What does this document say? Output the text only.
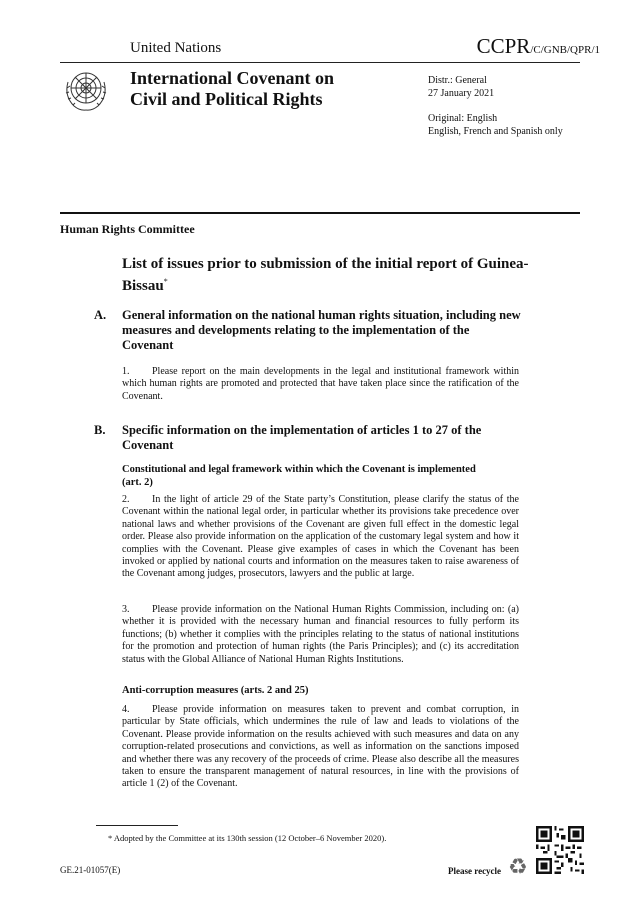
United Nations	CCPR/C/GNB/QPR/1
International Covenant on
Civil and Political Rights
Distr.: General
27 January 2021
Original: English
English, French and Spanish only
Human Rights Committee
List of issues prior to submission of the initial report of Guinea-Bissau*
A. General information on the national human rights situation, including new measures and developments relating to the implementation of the Covenant
1. Please report on the main developments in the legal and institutional framework within which human rights are promoted and protected that have taken place since the ratification of the Covenant.
B. Specific information on the implementation of articles 1 to 27 of the Covenant
Constitutional and legal framework within which the Covenant is implemented (art. 2)
2. In the light of article 29 of the State party’s Constitution, please clarify the status of the Covenant within the national legal order, in particular whether its provisions take precedence over national laws and whether provisions of the Covenant are given full effect in the domestic legal order. Please also provide information on the application of the customary legal system and how it complies with the Covenant. Please give examples of cases in which the Covenant has been invoked or applied by national courts and information on the measures taken to raise awareness of the Covenant among judges, prosecutors, lawyers and the public at large.
3. Please provide information on the National Human Rights Commission, including on: (a) whether it is provided with the necessary human and financial resources to fully perform its functions; (b) whether it complies with the principles relating to the status of national institutions for the promotion and protection of human rights (the Paris Principles); and (c) its accreditation status with the Global Alliance of National Human Rights Institutions.
Anti-corruption measures (arts. 2 and 25)
4. Please provide information on measures taken to prevent and combat corruption, in particular by State officials, which undermines the rule of law and leads to violations of the Covenant. Please provide information on the results achieved with such measures and data on any corruption-related prosecutions and convictions, as well as information on the sanctions imposed and whether there was any recovery of the proceeds of crime. Please also describe all the measures taken to ensure the transparent management of natural resources, in line with the provisions of article 1 (2) of the Covenant.
* Adopted by the Committee at its 130th session (12 October–6 November 2020).
GE.21-01057(E)	Please recycle ♻
